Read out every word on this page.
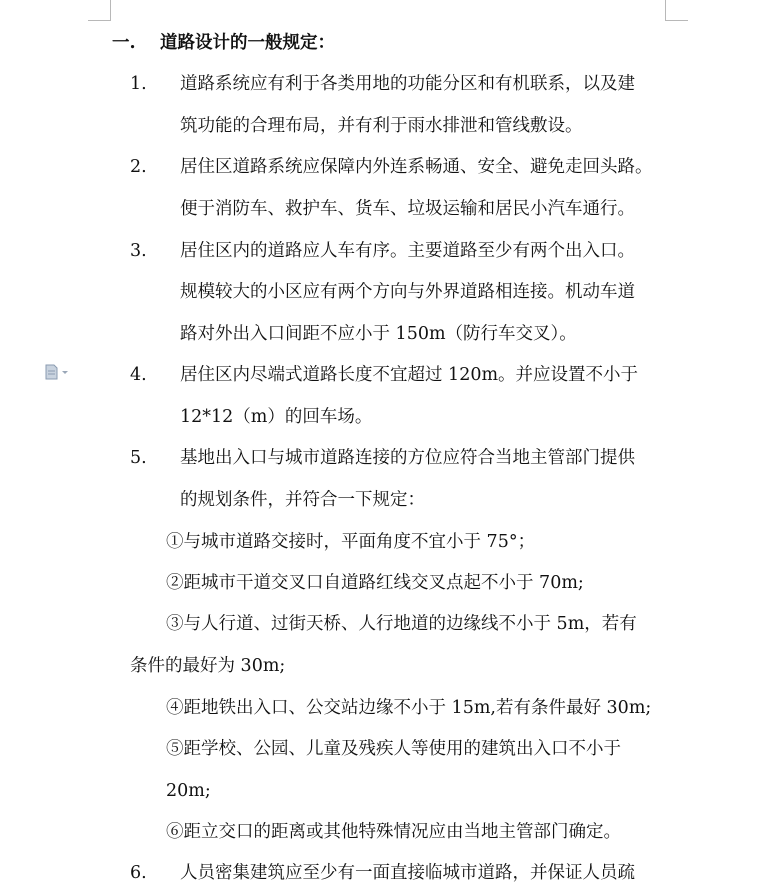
一. 道路设计的一般规定：
1. 道路系统应有利于各类用地的功能分区和有机联系，以及建
筑功能的合理布局，并有利于雨水排泄和管线敷设。
2. 居住区道路系统应保障内外连系畅通、安全、避免走回头路。
便于消防车、救护车、货车、垃圾运输和居民小汽车通行。
3. 居住区内的道路应人车有序。主要道路至少有两个出入口。
规模较大的小区应有两个方向与外界道路相连接。机动车道
路对外出入口间距不应小于 150m（防行车交叉）。
4. 居住区内尽端式道路长度不宜超过 120m。并应设置不小于
12*12（m）的回车场。
5. 基地出入口与城市道路连接的方位应符合当地主管部门提供
的规划条件，并符合一下规定：
①与城市道路交接时，平面角度不宜小于 75°；
②距城市干道交叉口自道路红线交叉点起不小于 70m;
③与人行道、过街天桥、人行地道的边缘线不小于 5m，若有
条件的最好为 30m;
④距地铁出入口、公交站边缘不小于 15m,若有条件最好 30m;
⑤距学校、公园、儿童及残疾人等使用的建筑出入口不小于
20m;
⑥距立交口的距离或其他特殊情况应由当地主管部门确定。
6. 人员密集建筑应至少有一面直接临城市道路，并保证人员疏
